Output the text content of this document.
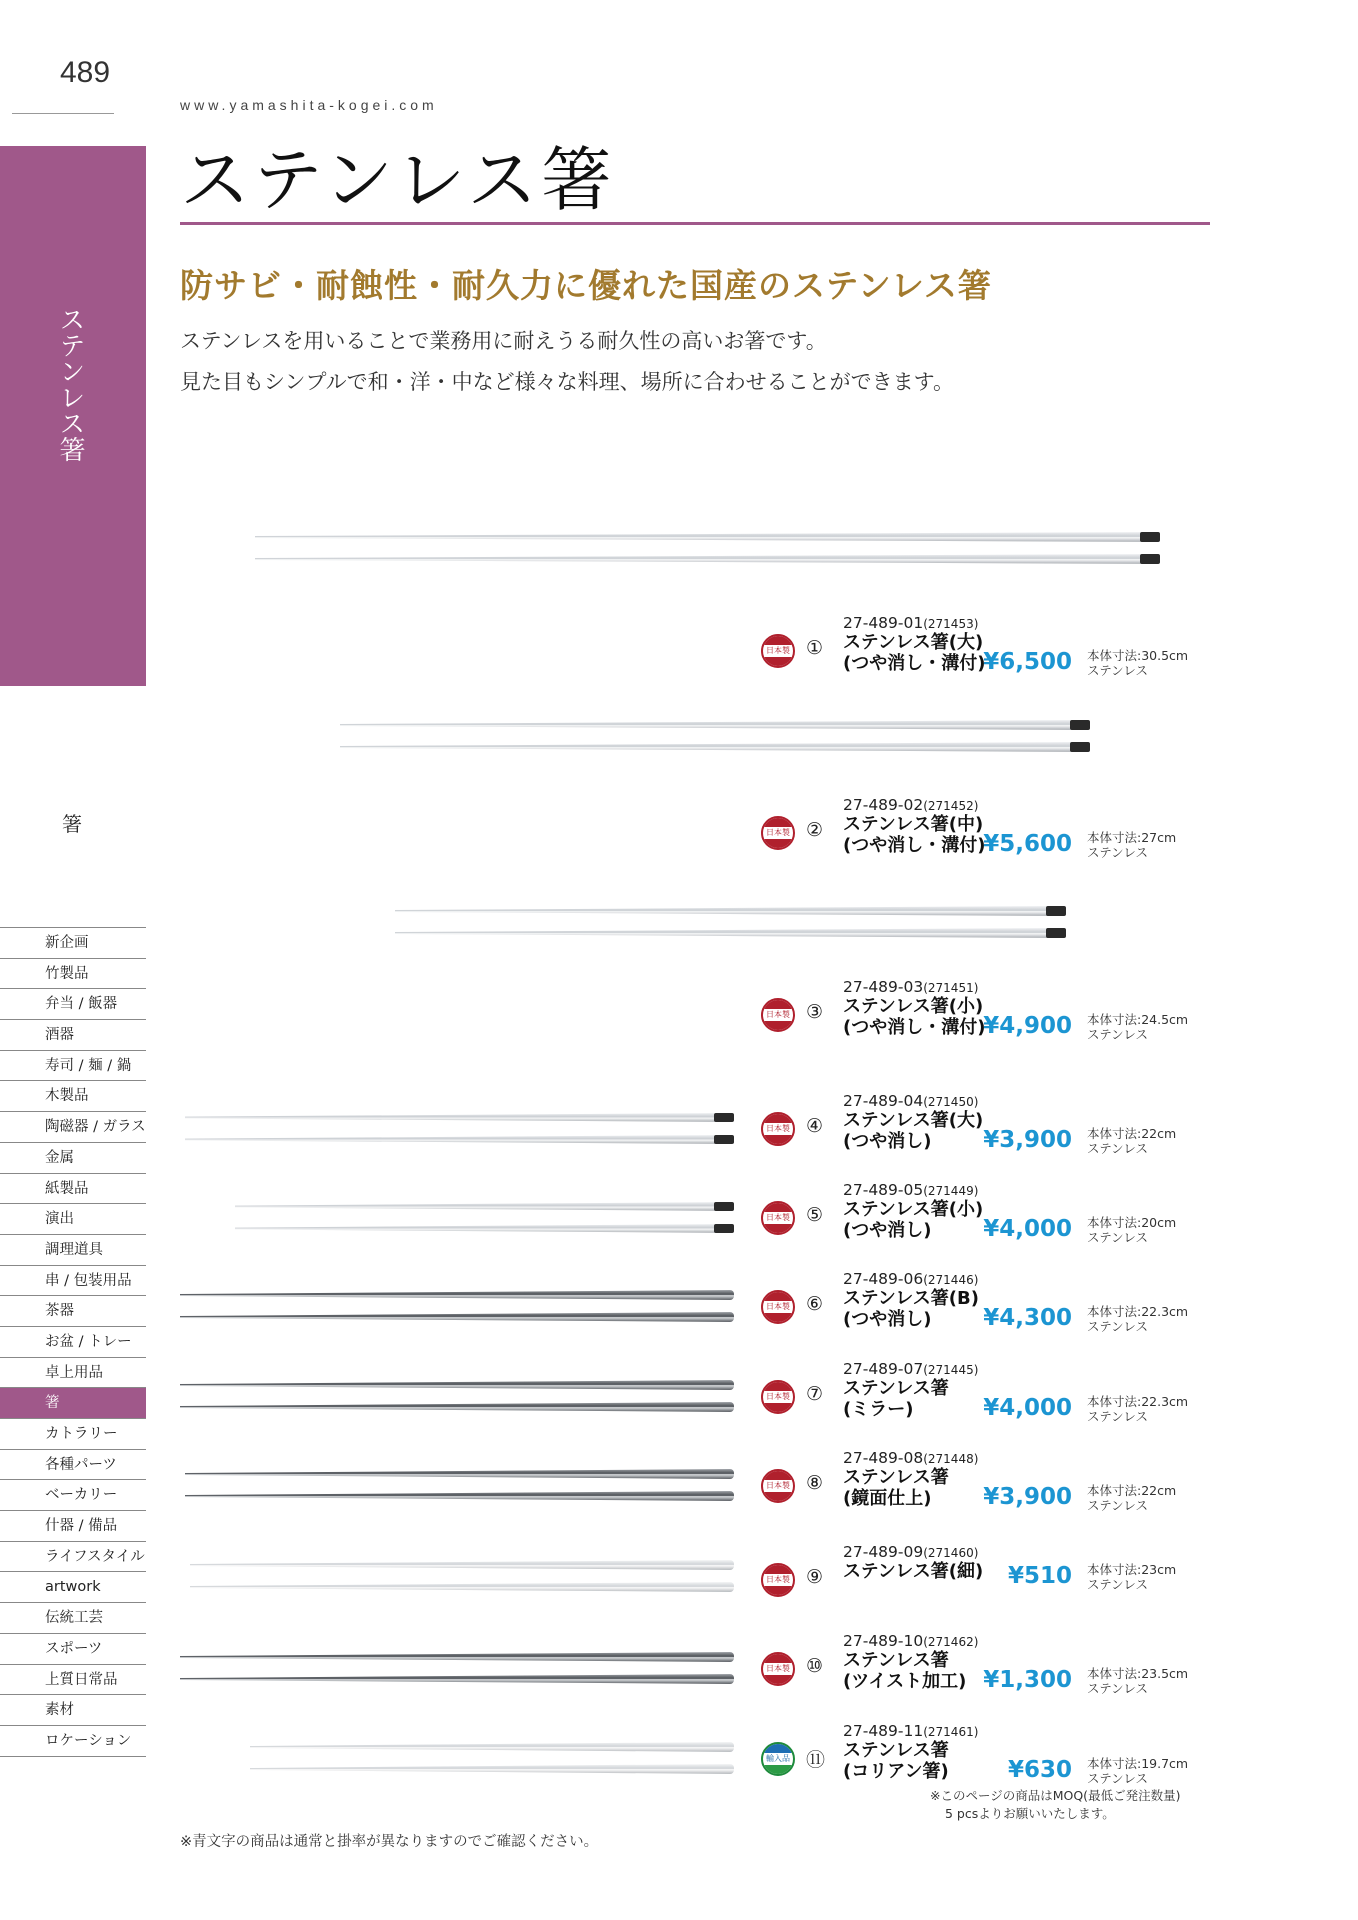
489
www.yamashita-kogei.com
ステンレス箸
箸
新企画
竹製品
弁当 / 飯器
酒器
寿司 / 麺 / 鍋
木製品
陶磁器 / ガラス
金属
紙製品
演出
調理道具
串 / 包装用品
茶器
お盆 / トレー
卓上用品
箸
カトラリー
各種パーツ
ベーカリー
什器 / 備品
ライフスタイル
artwork
伝統工芸
スポーツ
上質日常品
素材
ロケーション
ステンレス箸
防サビ・耐蝕性・耐久力に優れた国産のステンレス箸
ステンレスを用いることで業務用に耐えうる耐久性の高いお箸です。
見た目もシンプルで和・洋・中など様々な料理、場所に合わせることができます。
日本製 ①
27-489-01(271453)
ステンレス箸(大)
(つや消し・溝付)
¥6,500 本体寸法:30.5cm
ステンレス
日本製 ②
27-489-02(271452)
ステンレス箸(中)
(つや消し・溝付)
¥5,600 本体寸法:27cm
ステンレス
日本製 ③
27-489-03(271451)
ステンレス箸(小)
(つや消し・溝付)
¥4,900 本体寸法:24.5cm
ステンレス
日本製 ④
27-489-04(271450)
ステンレス箸(大)
(つや消し)	¥3,900 本体寸法:22cm
ステンレス
日本製 ⑤
27-489-05(271449)
ステンレス箸(小)
(つや消し)	¥4,000 本体寸法:20cm
ステンレス
日本製 ⑥
27-489-06(271446)
ステンレス箸(B)
(つや消し)	¥4,300 本体寸法:22.3cm
ステンレス
日本製 ⑦
27-489-07(271445)
ステンレス箸
(ミラー)	¥4,000 本体寸法:22.3cm
ステンレス
日本製 ⑧
27-489-08(271448)
ステンレス箸
(鏡面仕上)	¥3,900 本体寸法:22cm
ステンレス
日本製 ⑨
27-489-09(271460)
ステンレス箸(細)	¥510 本体寸法:23cm
ステンレス
日本製 ⑩
27-489-10(271462)
ステンレス箸
(ツイスト加工) ¥1,300 本体寸法:23.5cm
ステンレス
輸入品 ⑪
27-489-11(271461)
ステンレス箸
(コリアン箸)	¥630 本体寸法:19.7cm
ステンレス
※このページの商品はMOQ(最低ご発注数量)
5 pcsよりお願いいたします。
※青文字の商品は通常と掛率が異なりますのでご確認ください。
